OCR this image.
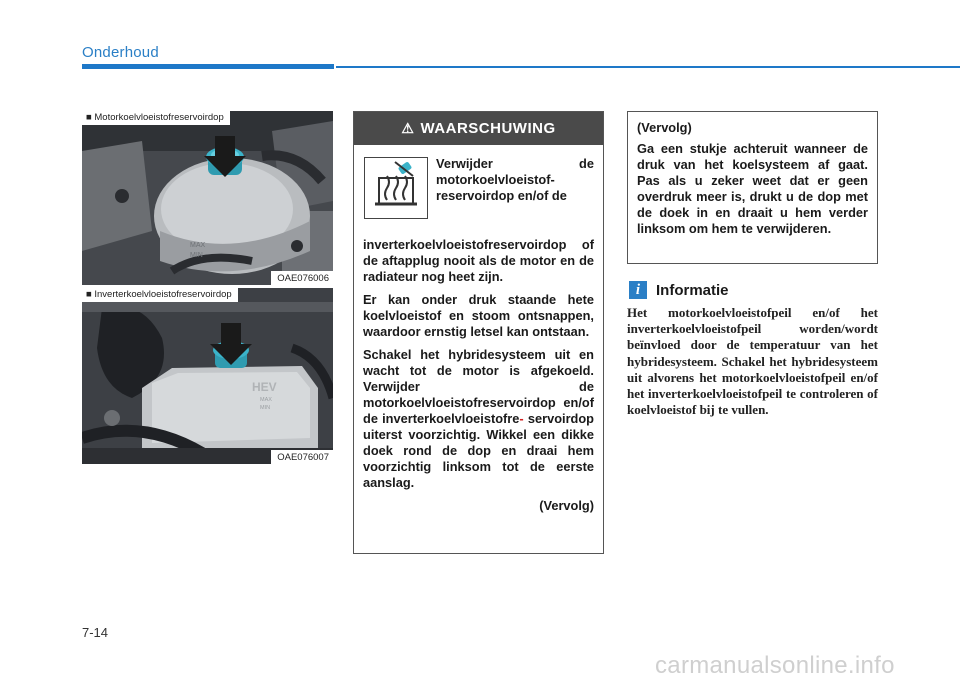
Onderhoud
MAX
MIN
■ Motorkoelvloeistofreservoirdop
OAE076006
HEV
MAX
MIN
■ Inverterkoelvloeistofreservoirdop
OAE076007
⚠ WAARSCHUWING
Verwijder de motorkoelvloeistof-reservoirdop en/of de

inverterkoelvloeistofreservoirdop of de aftapplug nooit als de motor en de radiateur nog heet zijn.

Er kan onder druk staande hete koelvloeistof en stoom ontsnappen, waardoor ernstig letsel kan ontstaan.

Schakel het hybridesysteem uit en wacht tot de motor is afgekoeld. Verwijder de motorkoelvloeistofreservoirdop en/of de inverterkoelvloeistofre- servoirdop uiterst voorzichtig. Wikkel een dikke doek rond de dop en draai hem voorzichtig linksom tot de eerste aanslag.

(Vervolg)

(Vervolg)

Ga een stukje achteruit wanneer de druk van het koelsysteem af gaat. Pas als u zeker weet dat er geen overdruk meer is, drukt u de dop met de doek in en draait u hem verder linksom om hem te verwijderen.

i	Informatie
Het motorkoelvloeistofpeil en/of het inverterkoelvloeistofpeil worden/wordt beïnvloed door de temperatuur van het hybridesysteem. Schakel het hybridesysteem uit alvorens het motorkoelvloeistofpeil en/of het inverterkoelvloeistofpeil te controleren of koelvloeistof bij te vullen.
7-14
carmanualsonline.info
